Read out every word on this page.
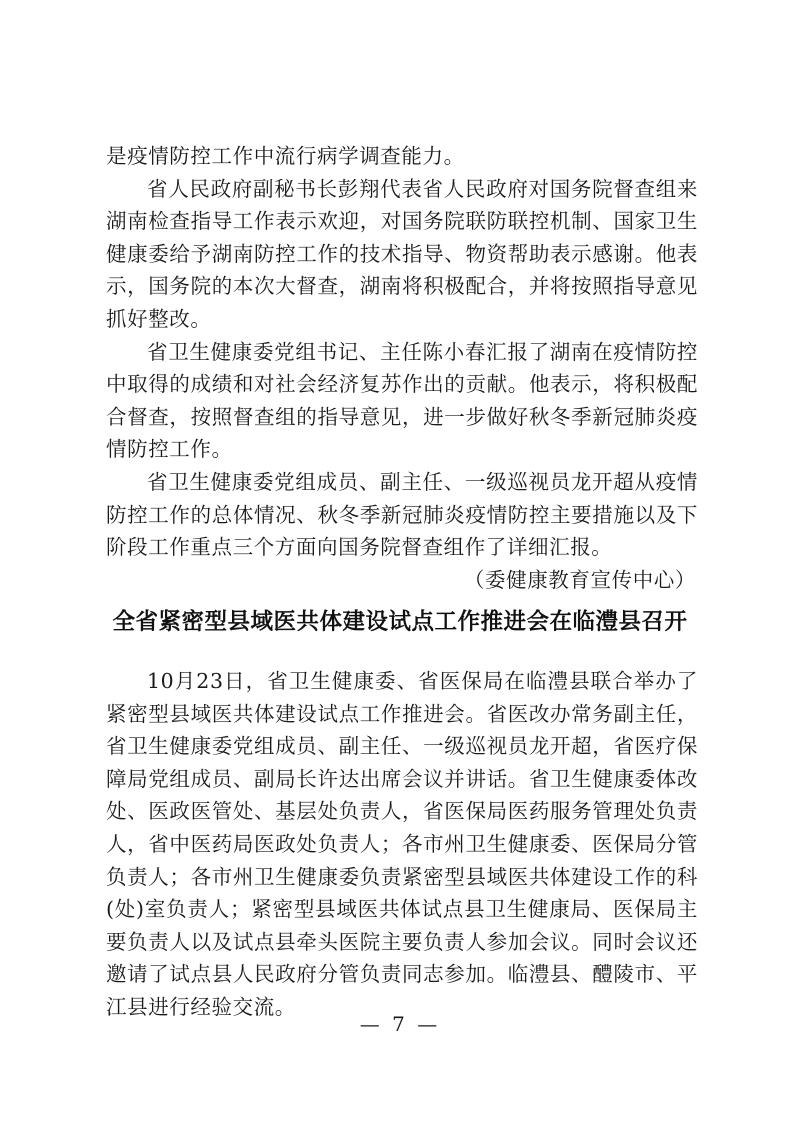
是疫情防控工作中流行病学调查能力。

省人民政府副秘书长彭翔代表省人民政府对国务院督查组来湖南检查指导工作表示欢迎，对国务院联防联控机制、国家卫生健康委给予湖南防控工作的技术指导、物资帮助表示感谢。他表示，国务院的本次大督查，湖南将积极配合，并将按照指导意见抓好整改。

省卫生健康委党组书记、主任陈小春汇报了湖南在疫情防控中取得的成绩和对社会经济复苏作出的贡献。他表示，将积极配合督查，按照督查组的指导意见，进一步做好秋冬季新冠肺炎疫情防控工作。

省卫生健康委党组成员、副主任、一级巡视员龙开超从疫情防控工作的总体情况、秋冬季新冠肺炎疫情防控主要措施以及下阶段工作重点三个方面向国务院督查组作了详细汇报。

（委健康教育宣传中心）

全省紧密型县域医共体建设试点工作推进会在临澧县召开

10月23日，省卫生健康委、省医保局在临澧县联合举办了紧密型县域医共体建设试点工作推进会。省医改办常务副主任，省卫生健康委党组成员、副主任、一级巡视员龙开超，省医疗保障局党组成员、副局长许达出席会议并讲话。省卫生健康委体改处、医政医管处、基层处负责人，省医保局医药服务管理处负责人，省中医药局医政处负责人；各市州卫生健康委、医保局分管负责人；各市州卫生健康委负责紧密型县域医共体建设工作的科(处)室负责人；紧密型县域医共体试点县卫生健康局、医保局主要负责人以及试点县牵头医院主要负责人参加会议。同时会议还邀请了试点县人民政府分管负责同志参加。临澧县、醴陵市、平江县进行经验交流。

— 7 —
